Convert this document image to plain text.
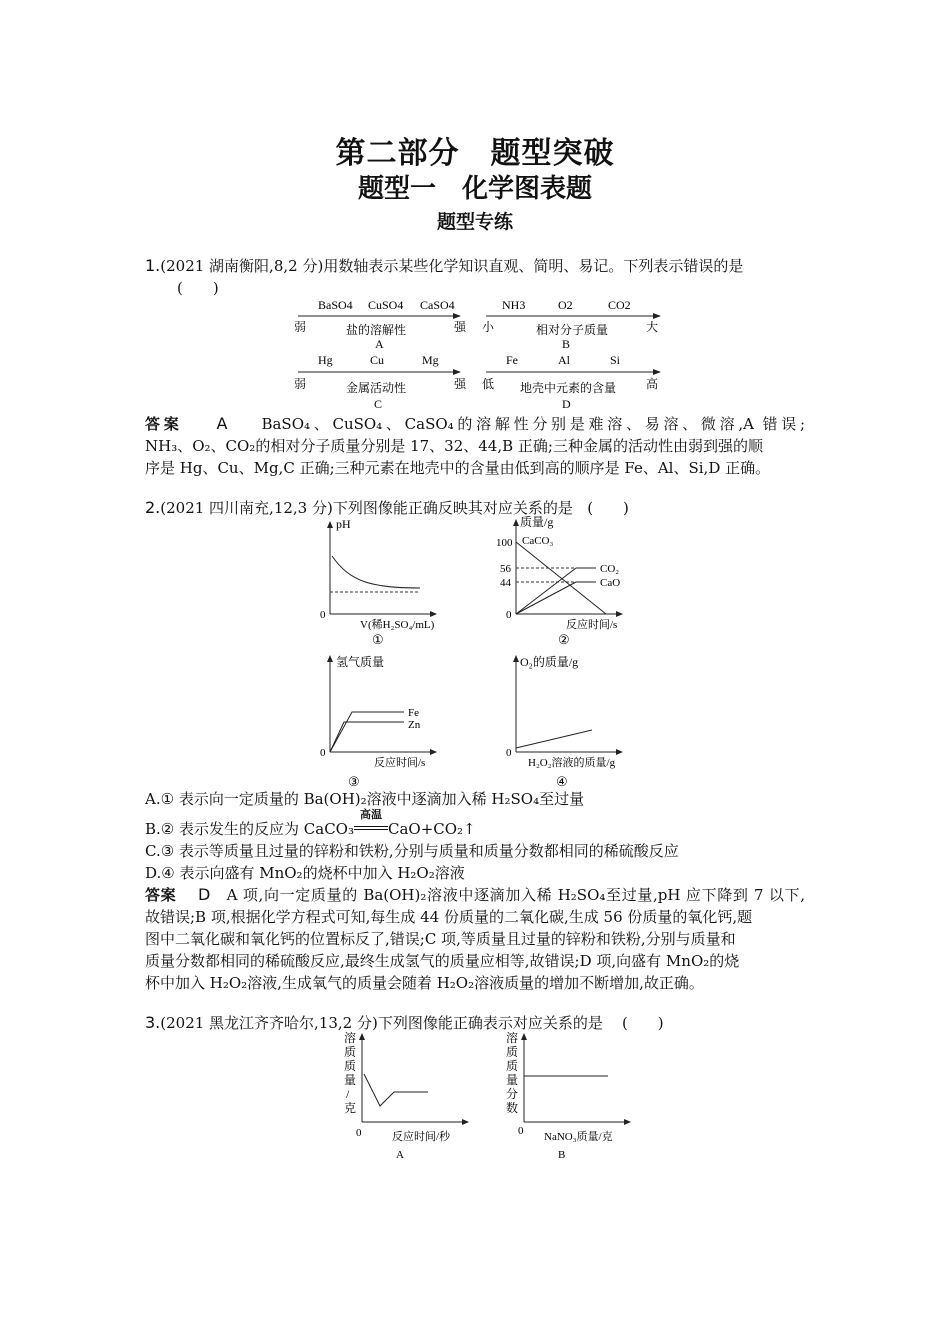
第二部分　题型突破
题型一　化学图表题
题型专练
1.(2021 湖南衡阳,8,2 分)用数轴表示某些化学知识直观、简明、易记。下列表示错误的是
(　　)
BaSO4 CuSO4 CaSO4
弱	强
盐的溶解性
A
NH3	O2	CO2
小	大
相对分子质量
B
Hg	Cu	Mg
弱	强
金属活动性
C
Fe	Al	Si
低	高
地壳中元素的含量
D
答案 A BaSO₄、CuSO₄、CaSO₄的溶解性分别是难溶、易溶、微溶,A 错误;
NH₃、O₂、CO₂的相对分子质量分别是 17、32、44,B 正确;三种金属的活动性由弱到强的顺
序是 Hg、Cu、Mg,C 正确;三种元素在地壳中的含量由低到高的顺序是 Fe、Al、Si,D 正确。
2.(2021 四川南充,12,3 分)下列图像能正确反映其对应关系的是 (　　)
pH
0
V(稀H₂SO₄/mL)
①
质量/g
100
56
44
0
CaCO₃
CO₂
CaO
反应时间/s
②
氢气质量
0
Fe
Zn
反应时间/s
③
O₂的质量/g
0
H₂O₂溶液的质量/g
④
A.① 表示向一定质量的 Ba(OH)₂溶液中逐滴加入稀 H₂SO₄至过量
B.② 表示发生的反应为 CaCO₃
高温
CaO+CO₂↑
C.③ 表示等质量且过量的锌粉和铁粉,分别与质量和质量分数都相同的稀硫酸反应
D.④ 表示向盛有 MnO₂的烧杯中加入 H₂O₂溶液
答案 D A 项,向一定质量的 Ba(OH)₂溶液中逐滴加入稀 H₂SO₄至过量,pH 应下降到 7 以下,
故错误;B 项,根据化学方程式可知,每生成 44 份质量的二氧化碳,生成 56 份质量的氧化钙,题
图中二氧化碳和氧化钙的位置标反了,错误;C 项,等质量且过量的锌粉和铁粉,分别与质量和
质量分数都相同的稀硫酸反应,最终生成氢气的质量应相等,故错误;D 项,向盛有 MnO₂的烧
杯中加入 H₂O₂溶液,生成氧气的质量会随着 H₂O₂溶液质量的增加不断增加,故正确。
3.(2021 黑龙江齐齐哈尔,13,2 分)下列图像能正确表示对应关系的是 (　　)
溶
质
质
量
/
克
0	反应时间/秒
A
溶
质
质
量
分
数
0 NaNO₃质量/克
B
